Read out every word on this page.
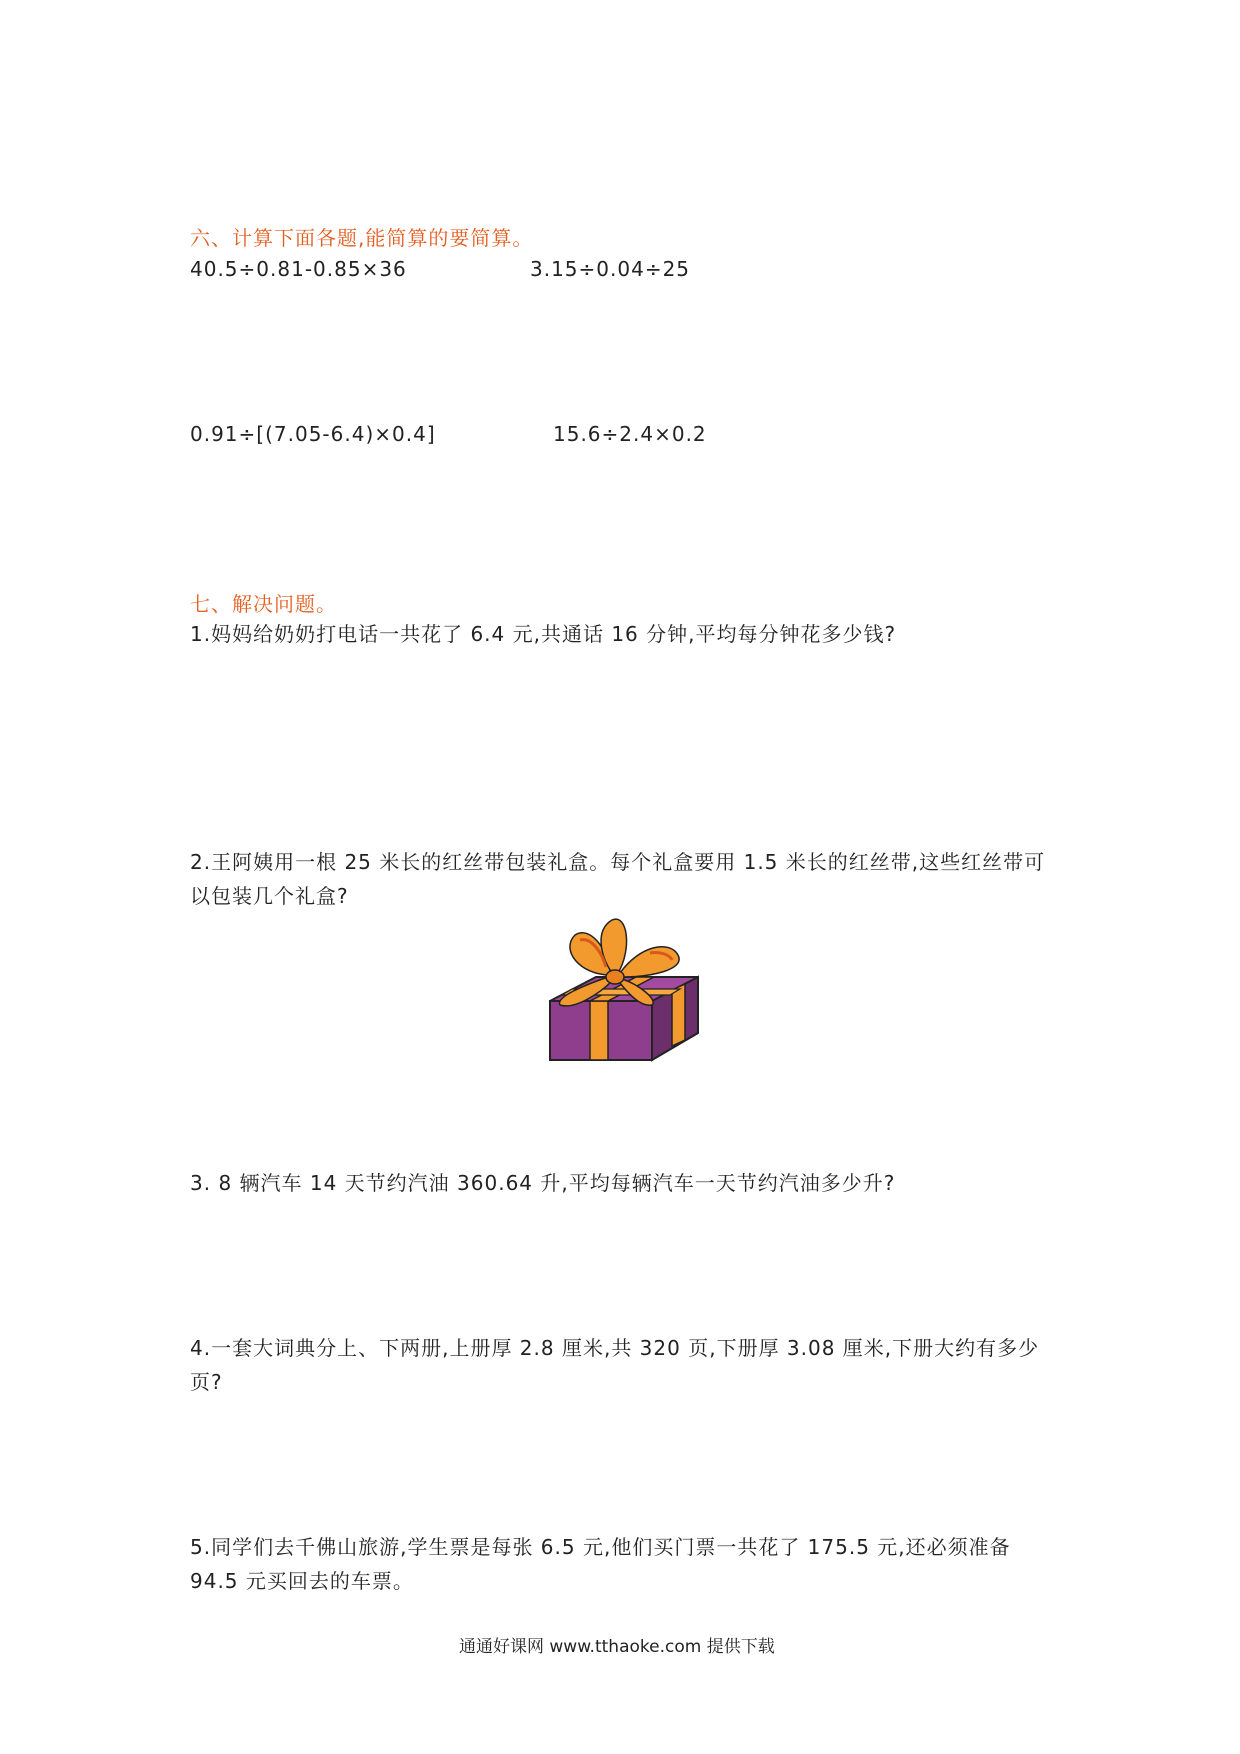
六、计算下面各题,能简算的要简算。
40.5÷0.81-0.85×36	3.15÷0.04÷25
0.91÷[(7.05-6.4)×0.4]	15.6÷2.4×0.2
七、解决问题。
1.妈妈给奶奶打电话一共花了 6.4 元,共通话 16 分钟,平均每分钟花多少钱?
2.王阿姨用一根 25 米长的红丝带包装礼盒。每个礼盒要用 1.5 米长的红丝带,这些红丝带可
以包装几个礼盒?
3. 8 辆汽车 14 天节约汽油 360.64 升,平均每辆汽车一天节约汽油多少升?
4.一套大词典分上、下两册,上册厚 2.8 厘米,共 320 页,下册厚 3.08 厘米,下册大约有多少
页?
5.同学们去千佛山旅游,学生票是每张 6.5 元,他们买门票一共花了 175.5 元,还必须准备
94.5 元买回去的车票。
通通好课网 www.tthaoke.com 提供下载
